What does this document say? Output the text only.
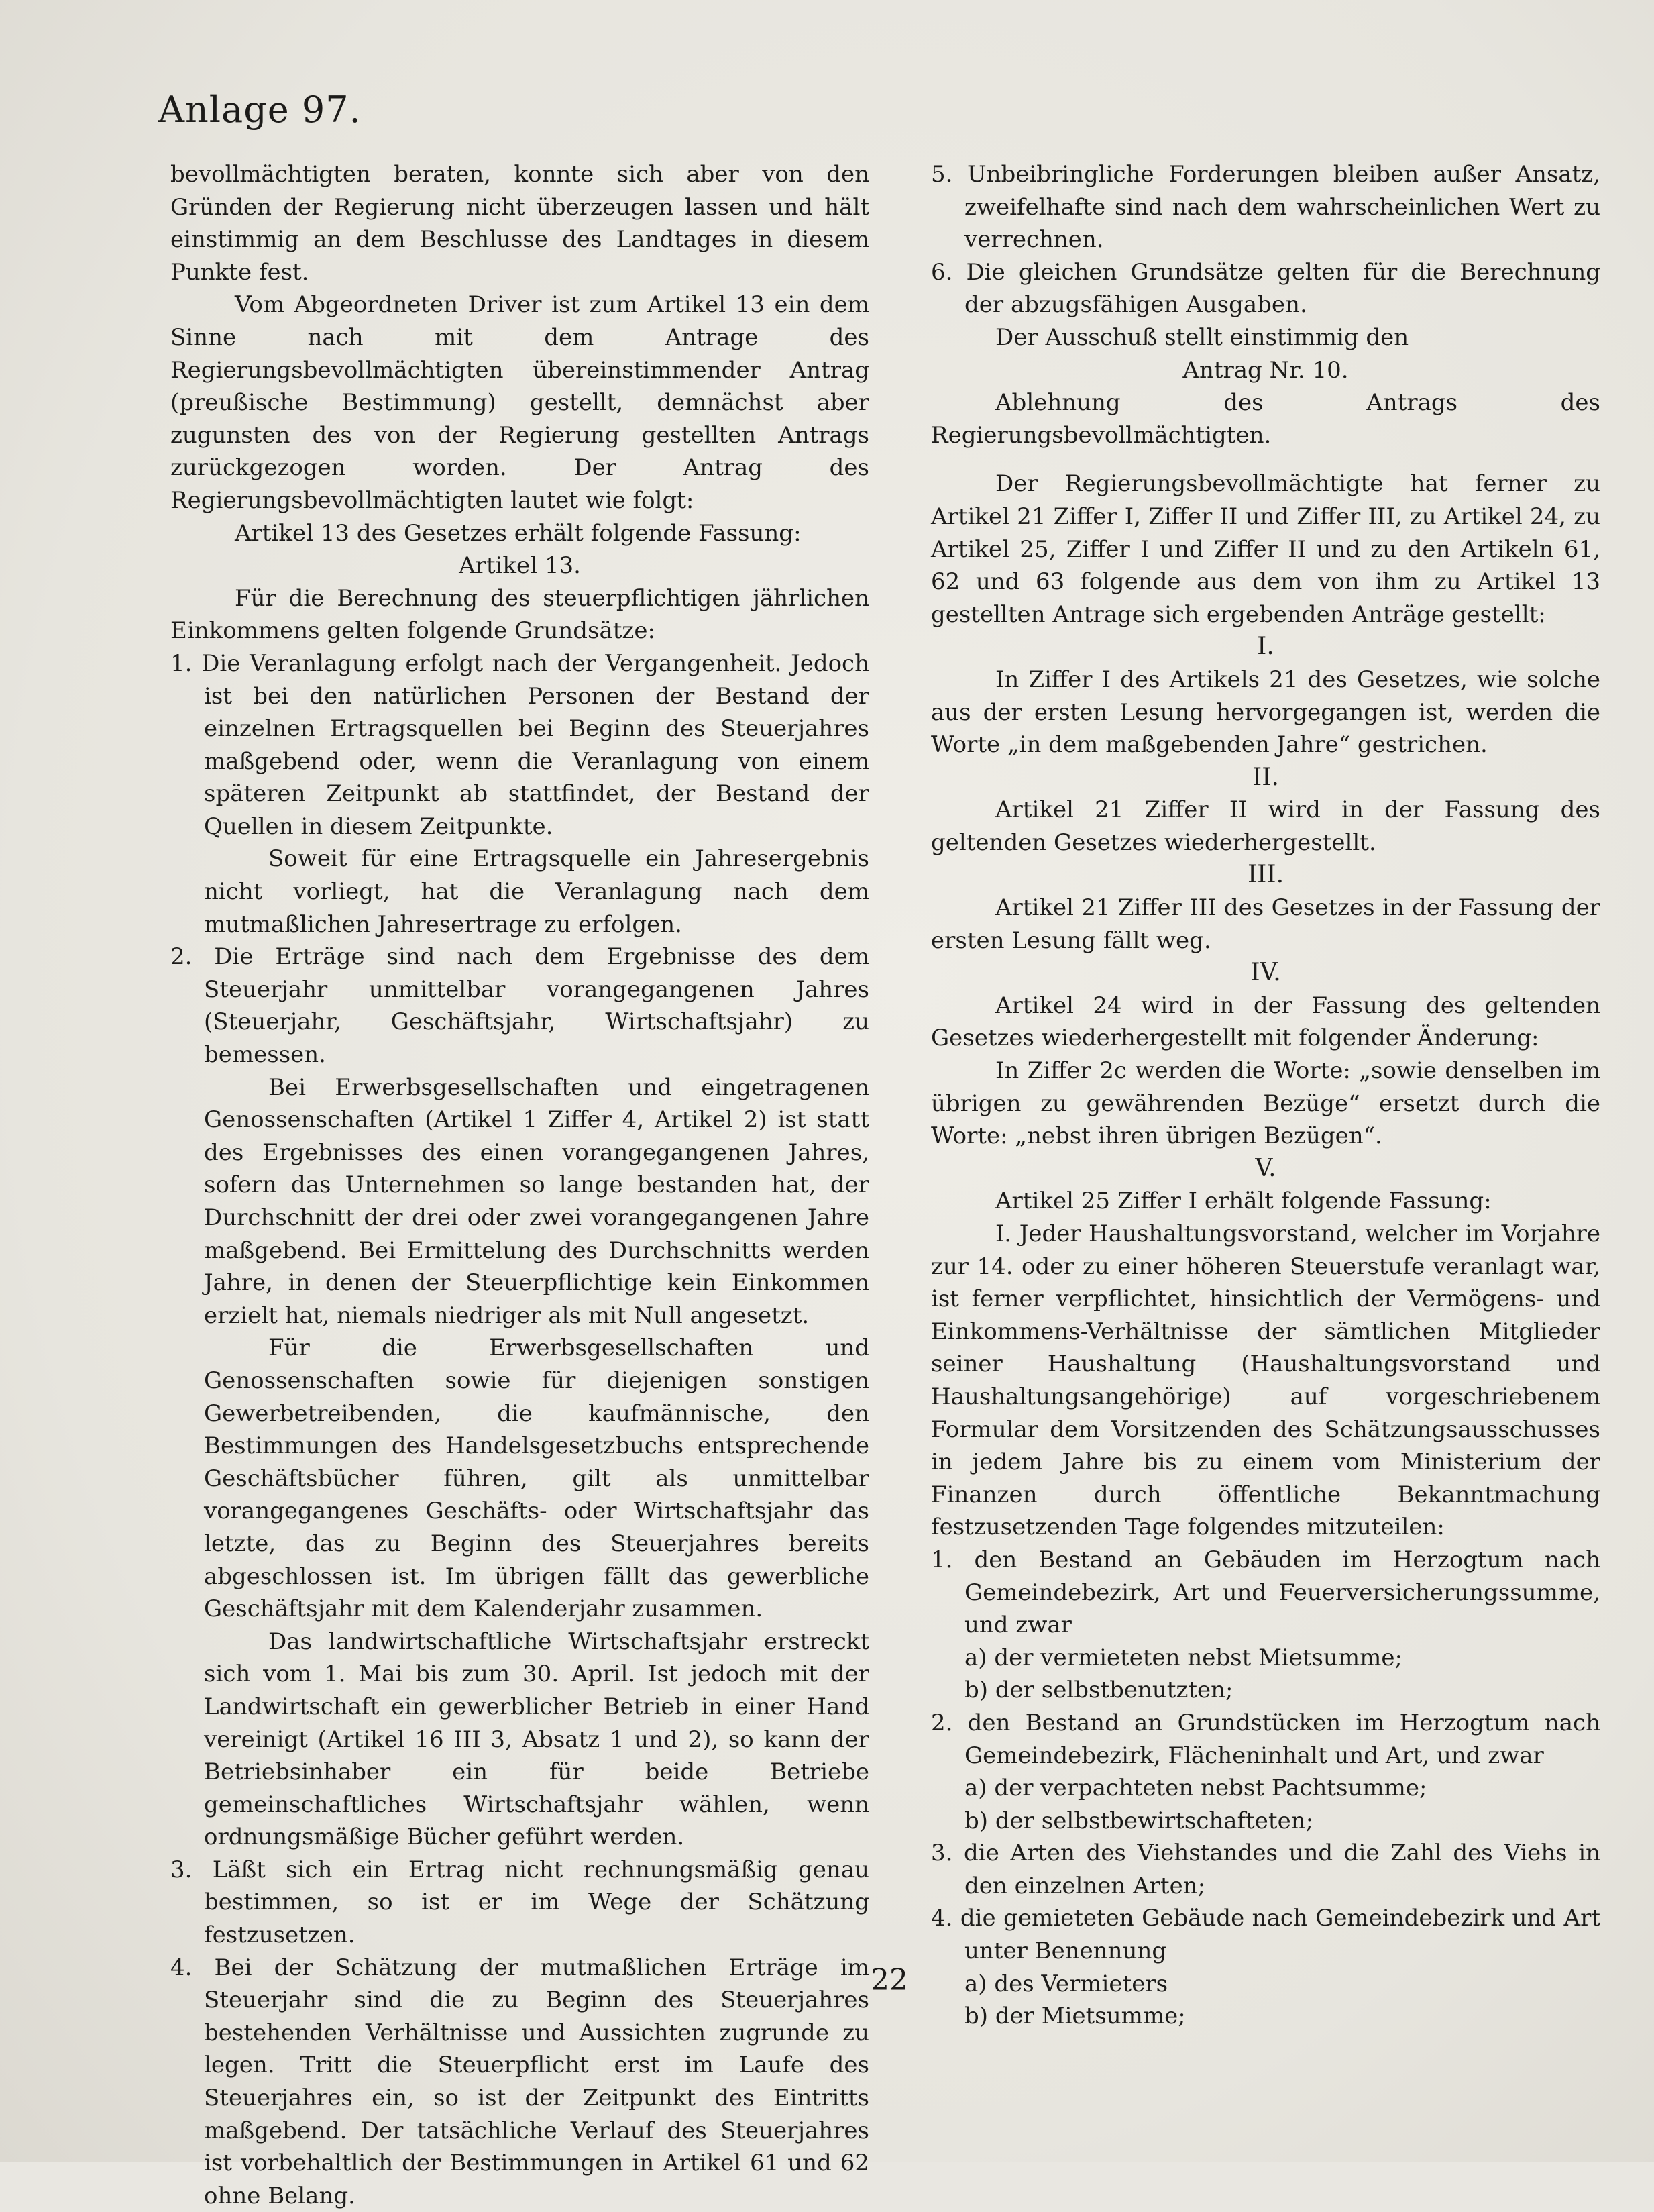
Anlage 97.

bevollmächtigten beraten, konnte sich aber von den Gründen der Regierung nicht überzeugen lassen und hält einstimmig an dem Beschlusse des Landtages in diesem Punkte fest.

Vom Abgeordneten Driver ist zum Artikel 13 ein dem Sinne nach mit dem Antrage des Regierungsbevollmächtigten übereinstimmender Antrag (preußische Bestimmung) gestellt, demnächst aber zugunsten des von der Regierung gestellten Antrags zurückgezogen worden. Der Antrag des Regierungsbevollmächtigten lautet wie folgt:

Artikel 13 des Gesetzes erhält folgende Fassung:

Artikel 13.

Für die Berechnung des steuerpflichtigen jährlichen Einkommens gelten folgende Grundsätze:

1. Die Veranlagung erfolgt nach der Vergangenheit. Jedoch ist bei den natürlichen Personen der Bestand der einzelnen Ertragsquellen bei Beginn des Steuerjahres maßgebend oder, wenn die Veranlagung von einem späteren Zeitpunkt ab stattfindet, der Bestand der Quellen in diesem Zeitpunkte.

Soweit für eine Ertragsquelle ein Jahresergebnis nicht vorliegt, hat die Veranlagung nach dem mutmaßlichen Jahresertrage zu erfolgen.

2. Die Erträge sind nach dem Ergebnisse des dem Steuerjahr unmittelbar vorangegangenen Jahres (Steuerjahr, Geschäftsjahr, Wirtschaftsjahr) zu bemessen.

Bei Erwerbsgesellschaften und eingetragenen Genossenschaften (Artikel 1 Ziffer 4, Artikel 2) ist statt des Ergebnisses des einen vorangegangenen Jahres, sofern das Unternehmen so lange bestanden hat, der Durchschnitt der drei oder zwei vorangegangenen Jahre maßgebend. Bei Ermittelung des Durchschnitts werden Jahre, in denen der Steuerpflichtige kein Einkommen erzielt hat, niemals niedriger als mit Null angesetzt.

Für die Erwerbsgesellschaften und Genossenschaften sowie für diejenigen sonstigen Gewerbetreibenden, die kaufmännische, den Bestimmungen des Handelsgesetzbuchs entsprechende Geschäftsbücher führen, gilt als unmittelbar vorangegangenes Geschäfts- oder Wirtschaftsjahr das letzte, das zu Beginn des Steuerjahres bereits abgeschlossen ist. Im übrigen fällt das gewerbliche Geschäftsjahr mit dem Kalenderjahr zusammen.

Das landwirtschaftliche Wirtschaftsjahr erstreckt sich vom 1. Mai bis zum 30. April. Ist jedoch mit der Landwirtschaft ein gewerblicher Betrieb in einer Hand vereinigt (Artikel 16 III 3, Absatz 1 und 2), so kann der Betriebsinhaber ein für beide Betriebe gemeinschaftliches Wirtschaftsjahr wählen, wenn ordnungsmäßige Bücher geführt werden.

3. Läßt sich ein Ertrag nicht rechnungsmäßig genau bestimmen, so ist er im Wege der Schätzung festzusetzen.

4. Bei der Schätzung der mutmaßlichen Erträge im Steuerjahr sind die zu Beginn des Steuerjahres bestehenden Verhältnisse und Aussichten zugrunde zu legen. Tritt die Steuerpflicht erst im Laufe des Steuerjahres ein, so ist der Zeitpunkt des Eintritts maßgebend. Der tatsächliche Verlauf des Steuerjahres ist vorbehaltlich der Bestimmungen in Artikel 61 und 62 ohne Belang.

5. Unbeibringliche Forderungen bleiben außer Ansatz, zweifelhafte sind nach dem wahrscheinlichen Wert zu verrechnen.

6. Die gleichen Grundsätze gelten für die Berechnung der abzugsfähigen Ausgaben.

Der Ausschuß stellt einstimmig den

Antrag Nr. 10.

Ablehnung des Antrags des Regierungsbevollmächtigten.

Der Regierungsbevollmächtigte hat ferner zu Artikel 21 Ziffer I, Ziffer II und Ziffer III, zu Artikel 24, zu Artikel 25, Ziffer I und Ziffer II und zu den Artikeln 61, 62 und 63 folgende aus dem von ihm zu Artikel 13 gestellten Antrage sich ergebenden Anträge gestellt:

I.

In Ziffer I des Artikels 21 des Gesetzes, wie solche aus der ersten Lesung hervorgegangen ist, werden die Worte „in dem maßgebenden Jahre“ gestrichen.

II.

Artikel 21 Ziffer II wird in der Fassung des geltenden Gesetzes wiederhergestellt.

III.

Artikel 21 Ziffer III des Gesetzes in der Fassung der ersten Lesung fällt weg.

IV.

Artikel 24 wird in der Fassung des geltenden Gesetzes wiederhergestellt mit folgender Änderung:

In Ziffer 2c werden die Worte: „sowie denselben im übrigen zu gewährenden Bezüge“ ersetzt durch die Worte: „nebst ihren übrigen Bezügen“.

V.

Artikel 25 Ziffer I erhält folgende Fassung:

I. Jeder Haushaltungsvorstand, welcher im Vorjahre zur 14. oder zu einer höheren Steuerstufe veranlagt war, ist ferner verpflichtet, hinsichtlich der Vermögens- und Einkommens-Verhältnisse der sämtlichen Mitglieder seiner Haushaltung (Haushaltungsvorstand und Haushaltungsangehörige) auf vorgeschriebenem Formular dem Vorsitzenden des Schätzungsausschusses in jedem Jahre bis zu einem vom Ministerium der Finanzen durch öffentliche Bekanntmachung festzusetzenden Tage folgendes mitzuteilen:

1. den Bestand an Gebäuden im Herzogtum nach Gemeindebezirk, Art und Feuerversicherungssumme, und zwar

a) der vermieteten nebst Mietsumme;

b) der selbstbenutzten;

2. den Bestand an Grundstücken im Herzogtum nach Gemeindebezirk, Flächeninhalt und Art, und zwar

a) der verpachteten nebst Pachtsumme;

b) der selbstbewirtschafteten;

3. die Arten des Viehstandes und die Zahl des Viehs in den einzelnen Arten;

4. die gemieteten Gebäude nach Gemeindebezirk und Art unter Benennung

a) des Vermieters

b) der Mietsumme;

22
